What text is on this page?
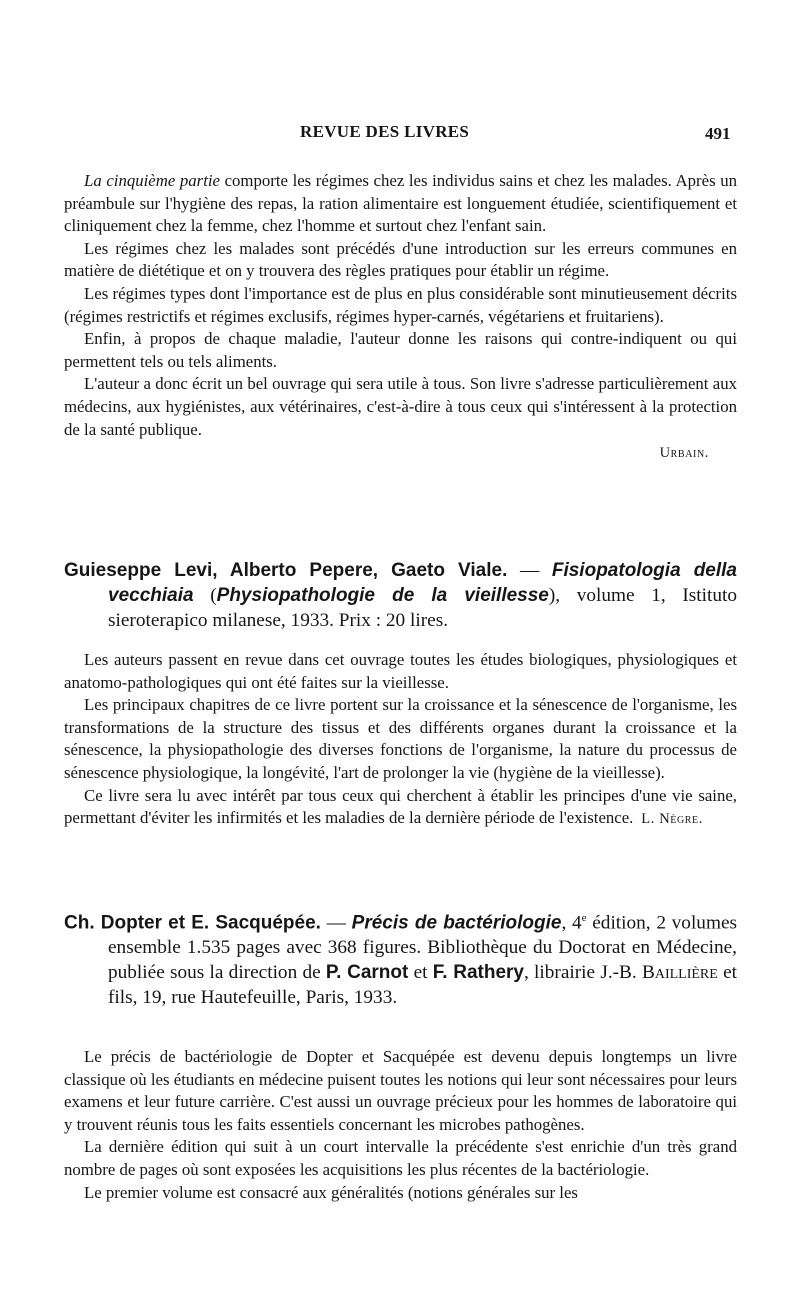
REVUE DES LIVRES	491

La cinquième partie comporte les régimes chez les individus sains et chez les malades. Après un préambule sur l'hygiène des repas, la ration alimentaire est longuement étudiée, scientifiquement et cliniquement chez la femme, chez l'homme et surtout chez l'enfant sain.

Les régimes chez les malades sont précédés d'une introduction sur les erreurs communes en matière de diététique et on y trouvera des règles pratiques pour établir un régime.

Les régimes types dont l'importance est de plus en plus considérable sont minutieusement décrits (régimes restrictifs et régimes exclusifs, régimes hyper-carnés, végétariens et fruitariens).

Enfin, à propos de chaque maladie, l'auteur donne les raisons qui contre-indiquent ou qui permettent tels ou tels aliments.

L'auteur a donc écrit un bel ouvrage qui sera utile à tous. Son livre s'adresse particulièrement aux médecins, aux hygiénistes, aux vétérinaires, c'est-à-dire à tous ceux qui s'intéressent à la protection de la santé publique.

Urbain.

Guieseppe Levi, Alberto Pepere, Gaeto Viale. — Fisiopatologia della vecchiaia (Physiopathologie de la vieillesse), volume 1, Istituto sieroterapico milanese, 1933. Prix : 20 lires.

Les auteurs passent en revue dans cet ouvrage toutes les études biologiques, physiologiques et anatomo-pathologiques qui ont été faites sur la vieillesse.

Les principaux chapitres de ce livre portent sur la croissance et la sénescence de l'organisme, les transformations de la structure des tissus et des différents organes durant la croissance et la sénescence, la physiopathologie des diverses fonctions de l'organisme, la nature du processus de sénescence physiologique, la longévité, l'art de prolonger la vie (hygiène de la vieillesse).

Ce livre sera lu avec intérêt par tous ceux qui cherchent à établir les principes d'une vie saine, permettant d'éviter les infirmités et les maladies de la dernière période de l'existence. L. Nègre.

Ch. Dopter et E. Sacquépée. — Précis de bactériologie, 4e édition, 2 volumes ensemble 1.535 pages avec 368 figures. Bibliothèque du Doctorat en Médecine, publiée sous la direction de P. Carnot et F. Rathery, librairie J.-B. Baillière et fils, 19, rue Hautefeuille, Paris, 1933.

Le précis de bactériologie de Dopter et Sacquépée est devenu depuis longtemps un livre classique où les étudiants en médecine puisent toutes les notions qui leur sont nécessaires pour leurs examens et leur future carrière. C'est aussi un ouvrage précieux pour les hommes de laboratoire qui y trouvent réunis tous les faits essentiels concernant les microbes pathogènes.

La dernière édition qui suit à un court intervalle la précédente s'est enrichie d'un très grand nombre de pages où sont exposées les acquisitions les plus récentes de la bactériologie.

Le premier volume est consacré aux généralités (notions générales sur les
